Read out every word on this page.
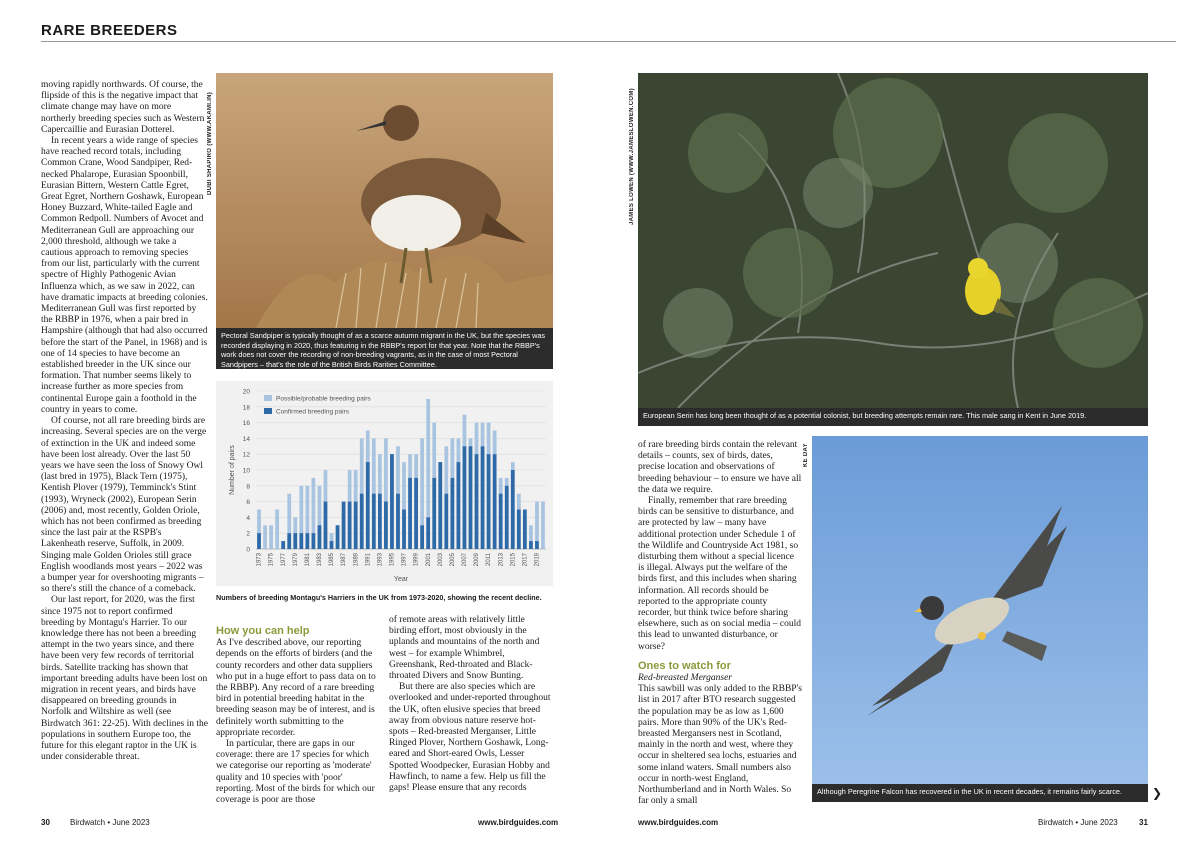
RARE BREEDERS

moving rapidly northwards. Of course, the flipside of this is the negative impact that climate change may have on more northerly breeding species such as Western Capercaillie and Eurasian Dotterel.

In recent years a wide range of species have reached record totals, including Common Crane, Wood Sandpiper, Red-necked Phalarope, Eurasian Spoonbill, Eurasian Bittern, Western Cattle Egret, Great Egret, Northern Goshawk, European Honey Buzzard, White-tailed Eagle and Common Redpoll. Numbers of Avocet and Mediterranean Gull are approaching our 2,000 threshold, although we take a cautious approach to removing species from our list, particularly with the current spectre of Highly Pathogenic Avian Influenza which, as we saw in 2022, can have dramatic impacts at breeding colonies. Mediterranean Gull was first reported by the RBBP in 1976, when a pair bred in Hampshire (although that had also occurred before the start of the Panel, in 1968) and is one of 14 species to have become an established breeder in the UK since our formation. That number seems likely to increase further as more species from continental Europe gain a foothold in the country in years to come.

Of course, not all rare breeding birds are increasing. Several species are on the verge of extinction in the UK and indeed some have been lost already. Over the last 50 years we have seen the loss of Snowy Owl (last bred in 1975), Black Tern (1975), Kentish Plover (1979), Temminck's Stint (1993), Wryneck (2002), European Serin (2006) and, most recently, Golden Oriole, which has not been confirmed as breeding since the last pair at the RSPB's Lakenheath reserve, Suffolk, in 2009. Singing male Golden Orioles still grace English woodlands most years – 2022 was a bumper year for overshooting migrants – so there's still the chance of a comeback.

Our last report, for 2020, was the first since 1975 not to report confirmed breeding by Montagu's Harrier. To our knowledge there has not been a breeding attempt in the two years since, and there have been very few records of territorial birds. Satellite tracking has shown that important breeding adults have been lost on migration in recent years, and birds have disappeared on breeding grounds in Norfolk and Wiltshire as well (see Birdwatch 361: 22-25). With declines in the populations in southern Europe too, the future for this elegant raptor in the UK is under considerable threat.

DUBI SHAPIRO (WWW.AKAMI.IN)
Pectoral Sandpiper is typically thought of as a scarce autumn migrant in the UK, but the species was recorded displaying in 2020, thus featuring in the RBBP's report for that year. Note that the RBBP's work does not cover the recording of non-breeding vagrants, as in the case of most Pectoral Sandpipers – that's the role of the British Birds Rarities Committee.
0
2
4
6
8
10
12
14
16
18
20
1973 1975 1977 1979 1981 1983 1985 1987 1989 1991 1993 1995 1997 1999 2001 2003 2005 2007 2009 2011 2013 2015 2017 2019
Year
Number of pairs
Possible/probable breeding pairs
Confirmed breeding pairs
Numbers of breeding Montagu's Harriers in the UK from 1973-2020, showing the recent decline.
How you can help

As I've described above, our reporting depends on the efforts of birders (and the county recorders and other data suppliers who put in a huge effort to pass data on to the RBBP). Any record of a rare breeding bird in potential breeding habitat in the breeding season may be of interest, and is definitely worth submitting to the appropriate recorder.

In particular, there are gaps in our coverage: there are 17 species for which we categorise our reporting as 'moderate' quality and 10 species with 'poor' reporting. Most of the birds for which our coverage is poor are those

of remote areas with relatively little birding effort, most obviously in the uplands and mountains of the north and west – for example Whimbrel, Greenshank, Red-throated and Black-throated Divers and Snow Bunting.

But there are also species which are overlooked and under-reported throughout the UK, often elusive species that breed away from obvious nature reserve hot-spots – Red-breasted Merganser, Little Ringed Plover, Northern Goshawk, Long-eared and Short-eared Owls, Lesser Spotted Woodpecker, Eurasian Hobby and Hawfinch, to name a few. Help us fill the gaps! Please ensure that any records

JAMES LOWEN (WWW.JAMESLOWEN.COM)
European Serin has long been thought of as a potential colonist, but breeding attempts remain rare. This male sang in Kent in June 2019.

of rare breeding birds contain the relevant details – counts, sex of birds, dates, precise location and observations of breeding behaviour – to ensure we have all the data we require.

Finally, remember that rare breeding birds can be sensitive to disturbance, and are protected by law – many have additional protection under Schedule 1 of the Wildlife and Countryside Act 1981, so disturbing them without a special licence is illegal. Always put the welfare of the birds first, and this includes when sharing information. All records should be reported to the appropriate county recorder, but think twice before sharing elsewhere, such as on social media – could this lead to unwanted disturbance, or worse?

Ones to watch for
Red-breasted Merganser

This sawbill was only added to the RBBP's list in 2017 after BTO research suggested the population may be as low as 1,600 pairs. More than 90% of the UK's Red-breasted Mergansers nest in Scotland, mainly in the north and west, where they occur in sheltered sea lochs, estuaries and some inland waters. Small numbers also occur in north-west England, Northumberland and in North Wales. So far only a small

KE DAY
Although Peregrine Falcon has recovered in the UK in recent decades, it remains fairly scarce.	❯
30	Birdwatch • June 2023	www.birdguides.com	www.birdguides.com	Birdwatch • June 2023	31
